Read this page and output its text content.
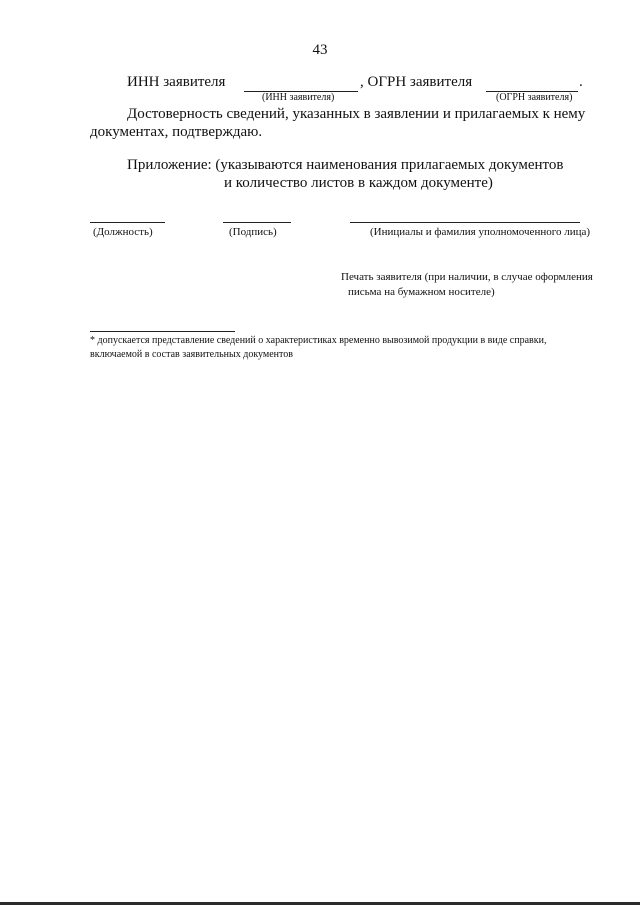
43
ИНН заявителя	, ОГРН заявителя	.
(ИНН заявителя)	(ОГРН заявителя)
Достоверность сведений, указанных в заявлении и прилагаемых к нему
документах, подтверждаю.
Приложение: (указываются наименования прилагаемых документов
и количество листов в каждом документе)
(Должность)	(Подпись)	(Инициалы и фамилия уполномоченного лица)
Печать заявителя (при наличии, в случае оформления
письма на бумажном носителе)
* допускается представление сведений о характеристиках временно вывозимой продукции в виде справки,
включаемой в состав заявительных документов
